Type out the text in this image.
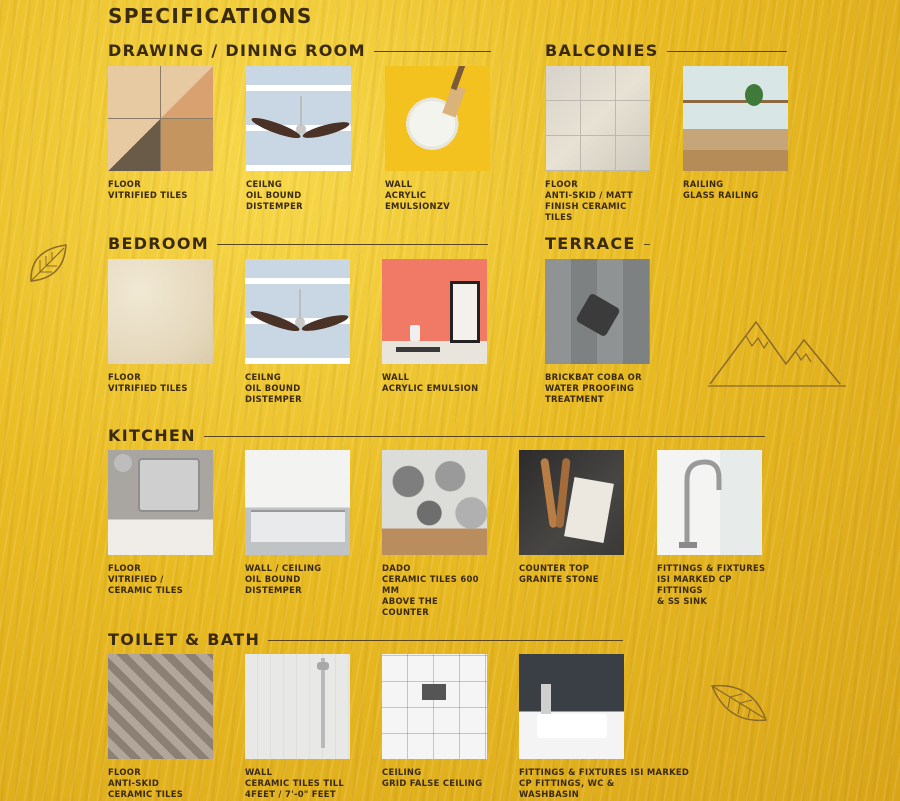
SPECIFICATIONS
DRAWING / DINING ROOM
FLOOR
VITRIFIED TILES
CEILNG
OIL BOUND DISTEMPER
WALL
ACRYLIC EMULSIONZV
BALCONIES
FLOOR
ANTI-SKID / MATT
FINISH CERAMIC TILES
RAILING
GLASS RAILING
BEDROOM
FLOOR
VITRIFIED TILES
CEILNG
OIL BOUND DISTEMPER
WALL
ACRYLIC EMULSION
TERRACE
BRICKBAT COBA OR
WATER PROOFING TREATMENT
KITCHEN
FLOOR
VITRIFIED /
CERAMIC TILES
WALL / CEILING
OIL BOUND DISTEMPER
DADO
CERAMIC TILES 600 MM
ABOVE THE COUNTER
COUNTER TOP
GRANITE STONE
FITTINGS & FIXTURES
ISI MARKED CP FITTINGS
& SS SINK
TOILET & BATH
FLOOR
ANTI-SKID
CERAMIC TILES
WALL
CERAMIC TILES TILL
4FEET / 7'-0" FEET
CEILING
GRID FALSE CEILING
FITTINGS & FIXTURES ISI MARKED
CP FITTINGS, WC & WASHBASIN
